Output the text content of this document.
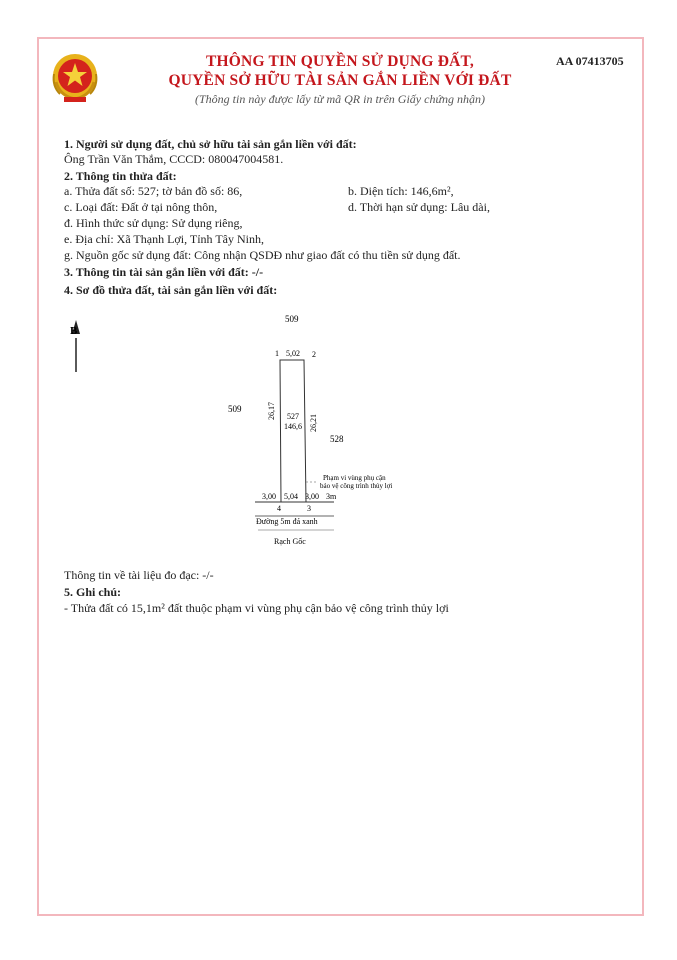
THÔNG TIN QUYỀN SỬ DỤNG ĐẤT,
QUYỀN SỞ HỮU TÀI SẢN GẮN LIỀN VỚI ĐẤT
(Thông tin này được lấy từ mã QR in trên Giấy chứng nhận)
AA 07413705
1. Người sử dụng đất, chủ sở hữu tài sản gắn liền với đất:
Ông Trần Văn Thắm, CCCD: 080047004581.
2. Thông tin thửa đất:
a. Thửa đất số: 527; tờ bản đồ số: 86,	b. Diện tích: 146,6m²,
c. Loại đất: Đất ở tại nông thôn,	d. Thời hạn sử dụng: Lâu dài,
đ. Hình thức sử dụng: Sử dụng riêng,
e. Địa chỉ: Xã Thạnh Lợi, Tỉnh Tây Ninh,
g. Nguồn gốc sử dụng đất: Công nhận QSDĐ như giao đất có thu tiền sử dụng đất.
3. Thông tin tài sản gắn liền với đất: -/-
4. Sơ đồ thửa đất, tài sản gắn liền với đất:
B
509
509
528
1 5,02 2
26,17
26,21
527
146,6
Phạm vi vùng phụ cận
bảo vệ công trình thủy lợi
3,00 5,04 3,00 3m
4	3
Đường 5m đá xanh
Rạch Gốc
Thông tin về tài liệu đo đạc: -/-
5. Ghi chú:
- Thửa đất có 15,1m² đất thuộc phạm vi vùng phụ cận bảo vệ công trình thủy lợi
